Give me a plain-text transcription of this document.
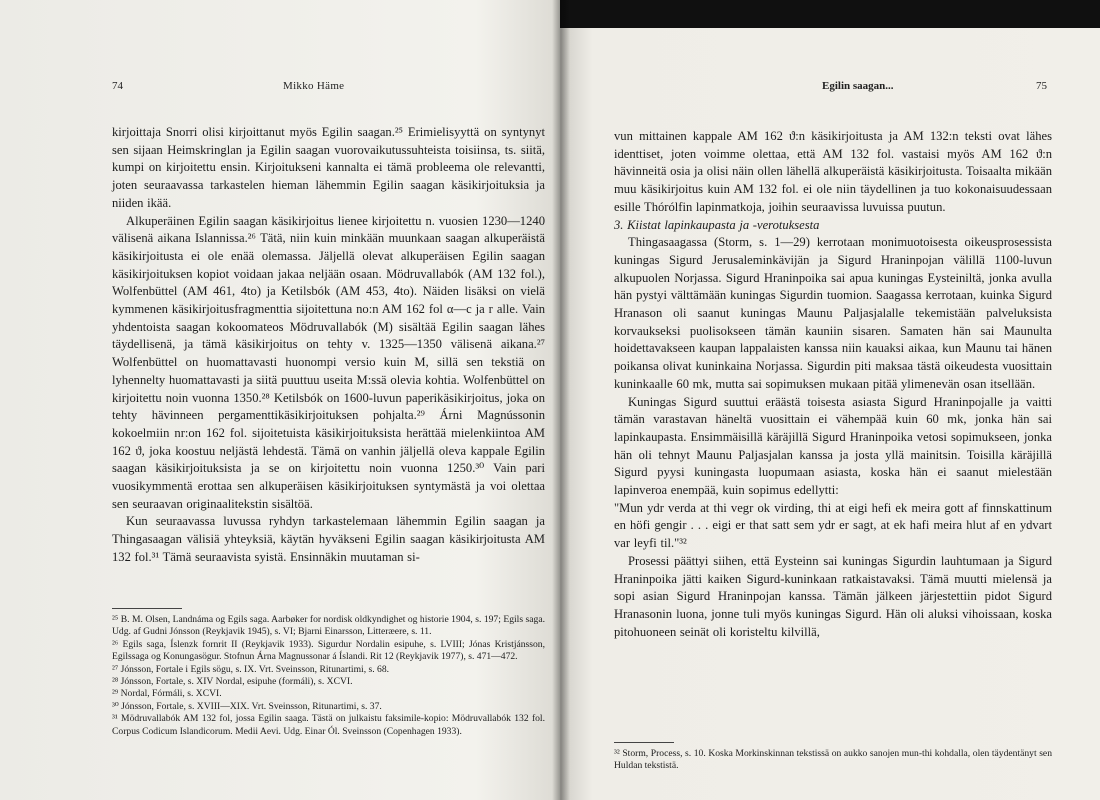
74	Mikko Häme

kirjoittaja Snorri olisi kirjoittanut myös Egilin saagan.²⁵ Erimielisyyttä on syntynyt sen sijaan Heimskringlan ja Egilin saagan vuorovaikutussuhteista toisiinsa, ts. siitä, kumpi on kirjoitettu ensin. Kirjoitukseni kannalta ei tämä probleema ole relevantti, joten seuraavassa tarkastelen hieman lähemmin Egilin saagan käsikirjoituksia ja niiden ikää.

Alkuperäinen Egilin saagan käsikirjoitus lienee kirjoitettu n. vuosien 1230—1240 välisenä aikana Islannissa.²⁶ Tätä, niin kuin minkään muunkaan saagan alkuperäistä käsikirjoitusta ei ole enää olemassa. Jäljellä olevat alkuperäisen Egilin saagan käsikirjoituksen kopiot voidaan jakaa neljään osaan. Mödruvallabók (AM 132 fol.), Wolfenbüttel (AM 461, 4to) ja Ketilsbók (AM 453, 4to). Näiden lisäksi on vielä kymmenen käsikirjoitusfragmenttia sijoitettuna no:n AM 162 fol α—c ja r alle. Vain yhdentoista saagan kokoomateos Mödruvallabók (M) sisältää Egilin saagan lähes täydellisenä, ja tämä käsikirjoitus on tehty v. 1325—1350 välisenä aikana.²⁷ Wolfenbüttel on huomattavasti huonompi versio kuin M, sillä sen tekstiä on lyhennelty huomattavasti ja siitä puuttuu useita M:ssä olevia kohtia. Wolfenbüttel on kirjoitettu noin vuonna 1350.²⁸ Ketilsbók on 1600-luvun paperikäsikirjoitus, joka on tehty hävinneen pergamenttikäsikirjoituksen pohjalta.²⁹ Árni Magnússonin kokoelmiin nr:on 162 fol. sijoitetuista käsikirjoituksista herättää mielenkiintoa AM 162 ϑ, joka koostuu neljästä lehdestä. Tämä on vanhin jäljellä oleva kappale Egilin saagan käsikirjoituksista ja se on kirjoitettu noin vuonna 1250.³⁰ Vain pari vuosikymmentä erottaa sen alkuperäisen käsikirjoituksen syntymästä ja voi olettaa sen seuraavan originaalitekstin sisältöä.

Kun seuraavassa luvussa ryhdyn tarkastelemaan lähemmin Egilin saagan ja Thingasaagan välisiä yhteyksiä, käytän hyväkseni Egilin saagan käsikirjoitusta AM 132 fol.³¹ Tämä seuraavista syistä. Ensinnäkin muutaman si-

²⁵ B. M. Olsen, Landnáma og Egils saga. Aarbøker for nordisk oldkyndighet og historie 1904, s. 197; Egils saga. Udg. af Gudni Jónsson (Reykjavik 1945), s. VI; Bjarni Einarsson, Litteræere, s. 11.
²⁶ Egils saga, Íslenzk fornrit II (Reykjavik 1933). Sigurdur Nordalin esipuhe, s. LVIII; Jónas Kristjánsson, Egilssaga og Konungasögur. Stofnun Árna Magnussonar á Íslandi. Rit 12 (Reykjavik 1977), s. 471—472.
²⁷ Jónsson, Fortale i Egils sögu, s. IX. Vrt. Sveinsson, Ritunartimi, s. 68.
²⁸ Jónsson, Fortale, s. XIV Nordal, esipuhe (formáli), s. XCVI.
²⁹ Nordal, Fórmáli, s. XCVI.
³⁰ Jónsson, Fortale, s. XVIII—XIX. Vrt. Sveinsson, Ritunartimi, s. 37.
³¹ Mödruvallabók AM 132 fol, jossa Egilin saaga. Tästä on julkaistu faksimile-kopio: Mödruvallabók 132 fol. Corpus Codicum Islandicorum. Medii Aevi. Udg. Einar Ól. Sveinsson (Copenhagen 1933).
Egilin saagan...	75

vun mittainen kappale AM 162 ϑ:n käsikirjoitusta ja AM 132:n teksti ovat lähes identtiset, joten voimme olettaa, että AM 132 fol. vastaisi myös AM 162 ϑ:n hävinneitä osia ja olisi näin ollen lähellä alkuperäistä käsikirjoitusta. Toisaalta mikään muu käsikirjoitus kuin AM 132 fol. ei ole niin täydellinen ja tuo kokonaisuudessaan esille Thórólfin lapinmatkoja, joihin seuraavissa luvuissa puutun.

3. Kiistat lapinkaupasta ja -verotuksesta

Thingasaagassa (Storm, s. 1—29) kerrotaan monimuotoisesta oikeusprosessista kuningas Sigurd Jerusaleminkävijän ja Sigurd Hraninpojan välillä 1100-luvun alkupuolen Norjassa. Sigurd Hraninpoika sai apua kuningas Eysteiniltä, jonka avulla hän pystyi välttämään kuningas Sigurdin tuomion. Saagassa kerrotaan, kuinka Sigurd Hranason oli saanut kuningas Maunu Paljasjalalle tekemistään palveluksista korvaukseksi puolisokseen tämän kauniin sisaren. Samaten hän sai Maunulta hoidettavakseen kaupan lappalaisten kanssa niin kauaksi aikaa, kun Maunu tai hänen poikansa olivat kuninkaina Norjassa. Sigurdin piti maksaa tästä oikeudesta vuosittain kuninkaalle 60 mk, mutta sai sopimuksen mukaan pitää ylimenevän osan itsellään.

Kuningas Sigurd suuttui eräästä toisesta asiasta Sigurd Hraninpojalle ja vaitti tämän varastavan häneltä vuosittain ei vähempää kuin 60 mk, jonka hän sai lapinkaupasta. Ensimmäisillä käräjillä Sigurd Hraninpoika vetosi sopimukseen, jonka hän oli tehnyt Maunu Paljasjalan kanssa ja josta yllä mainitsin. Toisilla käräjillä Sigurd pyysi kuningasta luopumaan asiasta, koska hän ei saanut mielestään lapinveroa enempää, kuin sopimus edellytti:

"Mun ydr verda at thi vegr ok virding, thi at eigi hefi ek meira gott af finnskattinum en höfi gengir . . . eigi er that satt sem ydr er sagt, at ek hafi meira hlut af en ydvart var leyfi til."³²

Prosessi päättyi siihen, että Eysteinn sai kuningas Sigurdin lauhtumaan ja Sigurd Hraninpoika jätti kaiken Sigurd-kuninkaan ratkaistavaksi. Tämä muutti mielensä ja sopi asian Sigurd Hraninpojan kanssa. Tämän jälkeen järjestettiin pidot Sigurd Hranasonin luona, jonne tuli myös kuningas Sigurd. Hän oli aluksi vihoissaan, koska pitohuoneen seinät oli koristeltu kilvillä,

³² Storm, Process, s. 10. Koska Morkinskinnan tekstissä on aukko sanojen mun-thi kohdalla, olen täydentänyt sen Huldan tekstistä.
